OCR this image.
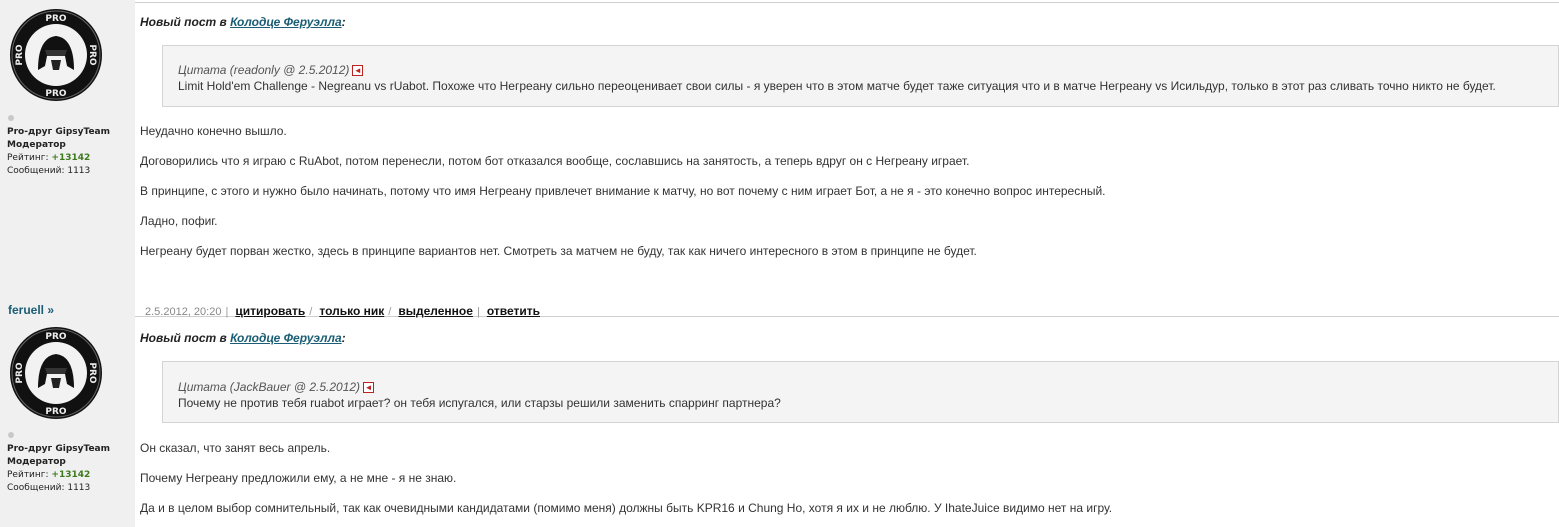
PRO
PRO
PRO	PRO
Pro-друг GipsyTeam
Модератор
Рейтинг: +13142
Сообщений: 1113
Новый пост в Колодце Феруэлла:
Цитата (readonly @ 2.5.2012) ◄
Limit Hold'em Challenge - Negreanu vs rUabot. Похоже что Негреану сильно переоценивает свои силы - я уверен что в этом матче будет таже ситуация что и в матче Негреану vs Исильдур, только в этот раз сливать точно никто не будет.
Неудачно конечно вышло.
Договорились что я играю с RuAbot, потом перенесли, потом бот отказался вообще, сославшись на занятость, а теперь вдруг он с Негреану играет.
В принципе, с этого и нужно было начинать, потому что имя Негреану привлечет внимание к матчу, но вот почему с ним играет Бот, а не я - это конечно вопрос интересный.
Ладно, пофиг.
Негреану будет порван жестко, здесь в принципе вариантов нет. Смотреть за матчем не буду, так как ничего интересного в этом в принципе не будет.
feruell »
PRO
PRO
PRO	PRO
Pro-друг GipsyTeam
Модератор
Рейтинг: +13142
Сообщений: 1113
2.5.2012, 20:20 | цитировать / только ник / выделенное | ответить
Новый пост в Колодце Феруэлла:
Цитата (JackBauer @ 2.5.2012) ◄
Почему не против тебя ruabot играет? он тебя испугался, или старзы решили заменить спарринг партнера?
Он сказал, что занят весь апрель.
Почему Негреану предложили ему, а не мне - я не знаю.
Да и в целом выбор сомнительный, так как очевидными кандидатами (помимо меня) должны быть KPR16 и Chung Ho, хотя я их и не люблю. У IhateJuice видимо нет на игру.
